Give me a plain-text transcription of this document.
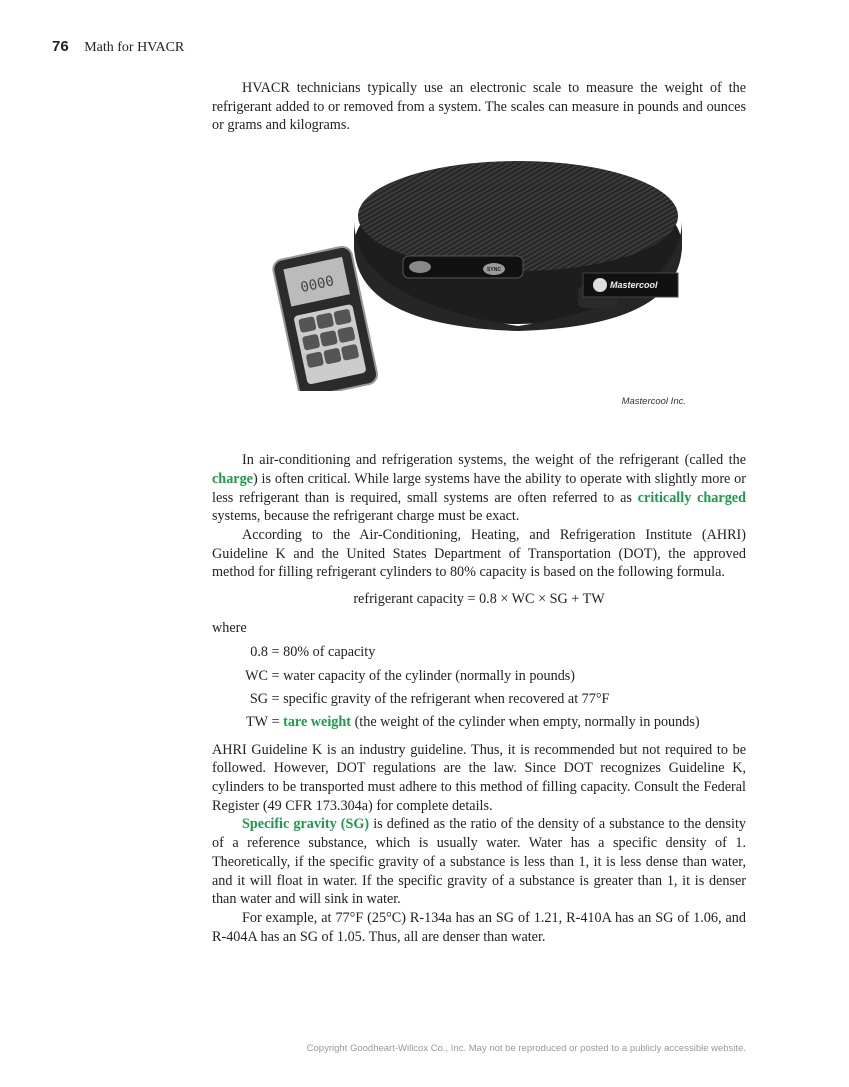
76 Math for HVACR

HVACR technicians typically use an electronic scale to measure the weight of the refrigerant added to or removed from a system. The scales can measure in pounds and ounces or grams and kilograms.

SYNC
Mastercool
0000
Mastercool Inc.

In air-conditioning and refrigeration systems, the weight of the refrigerant (called the charge) is often critical. While large systems have the ability to operate with slightly more or less refrigerant than is required, small systems are often referred to as critically charged systems, because the refrigerant charge must be exact.

According to the Air-Conditioning, Heating, and Refrigeration Institute (AHRI) Guideline K and the United States Department of Transportation (DOT), the approved method for filling refrigerant cylinders to 80% capacity is based on the following formula.

refrigerant capacity = 0.8 × WC × SG + TW
where
0.8 = 80% of capacity
WC = water capacity of the cylinder (normally in pounds)
SG = specific gravity of the refrigerant when recovered at 77°F
TW = tare weight (the weight of the cylinder when empty, normally in pounds)

AHRI Guideline K is an industry guideline. Thus, it is recommended but not required to be followed. However, DOT regulations are the law. Since DOT recognizes Guideline K, cylinders to be transported must adhere to this method of filling capacity. Consult the Federal Register (49 CFR 173.304a) for complete details.

Specific gravity (SG) is defined as the ratio of the density of a substance to the density of a reference substance, which is usually water. Water has a specific density of 1. Theoretically, if the specific gravity of a substance is less than 1, it is less dense than water, and it will float in water. If the specific gravity of a substance is greater than 1, it is denser than water and will sink in water.

For example, at 77°F (25°C) R-134a has an SG of 1.21, R-410A has an SG of 1.06, and R-404A has an SG of 1.05. Thus, all are denser than water.

Copyright Goodheart-Willcox Co., Inc. May not be reproduced or posted to a publicly accessible website.
